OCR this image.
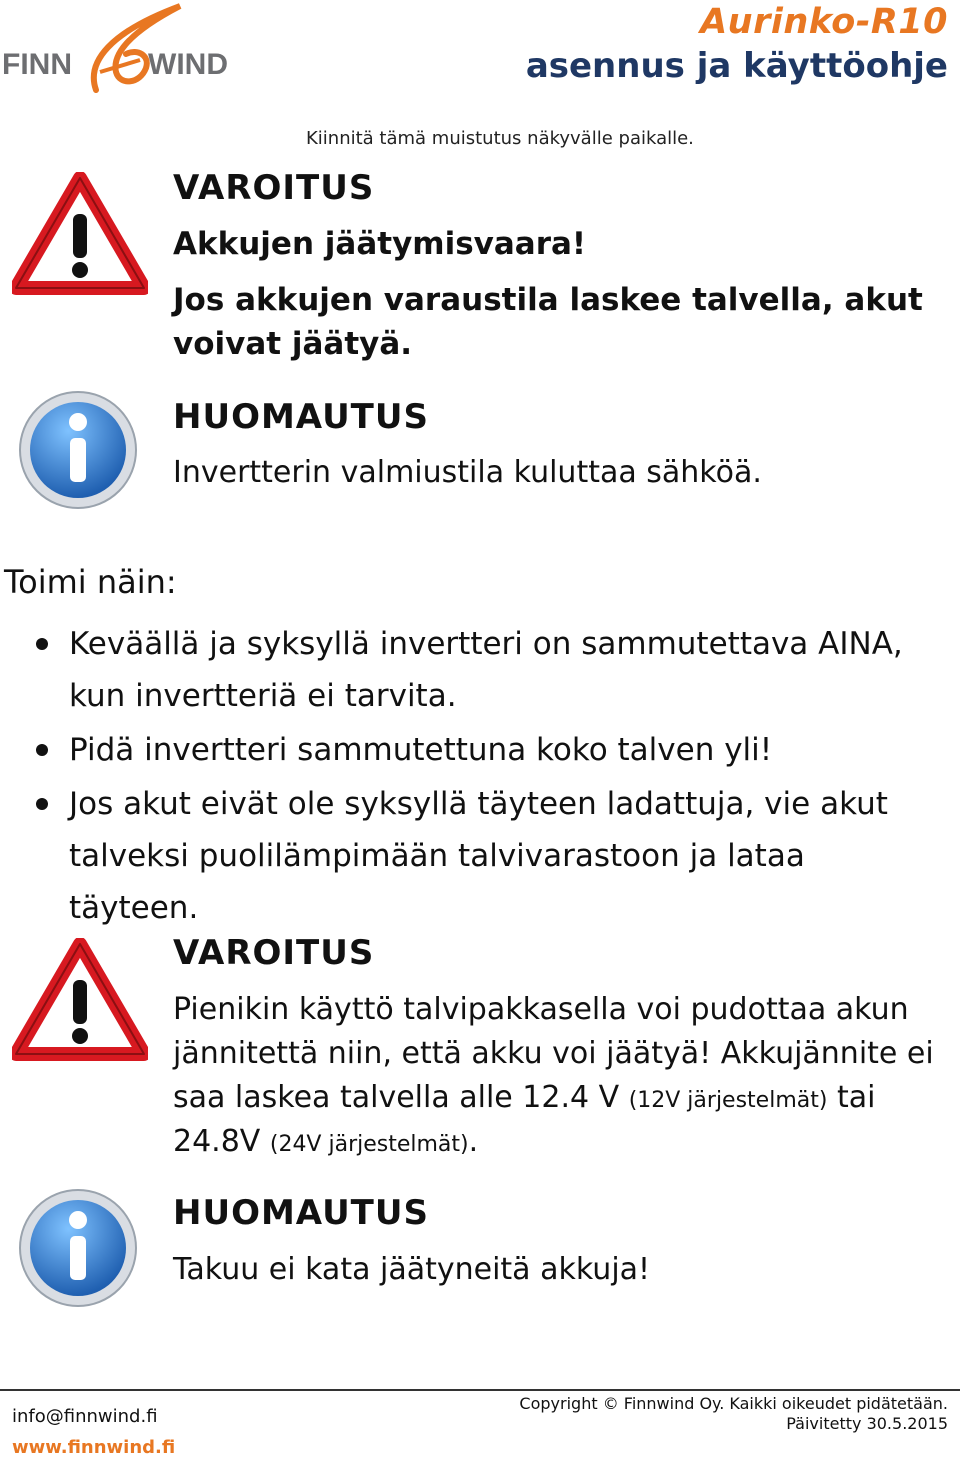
FINN	WIND
Aurinko-R10
asennus ja käyttöohje
Kiinnitä tämä muistutus näkyvälle paikalle.
VAROITUS
Akkujen jäätymisvaara!
Jos akkujen varaustila laskee talvella, akut
voivat jäätyä.
HUOMAUTUS
Invertterin valmiustila kuluttaa sähköä.
Toimi näin:
Keväällä ja syksyllä invertteri on sammutettava AINA,
kun invertteriä ei tarvita.
Pidä invertteri sammutettuna koko talven yli!
Jos akut eivät ole syksyllä täyteen ladattuja, vie akut
talveksi puolilämpimään talvivarastoon ja lataa täyteen.
VAROITUS
Pienikin käyttö talvipakkasella voi pudottaa akun
jännitettä niin, että akku voi jäätyä! Akkujännite ei
saa laskea talvella alle 12.4 V (12V järjestelmät) tai
24.8V (24V järjestelmät).
HUOMAUTUS
Takuu ei kata jäätyneitä akkuja!
info@finnwind.fi
www.finnwind.fi
Copyright © Finnwind Oy. Kaikki oikeudet pidätetään.
Päivitetty 30.5.2015
